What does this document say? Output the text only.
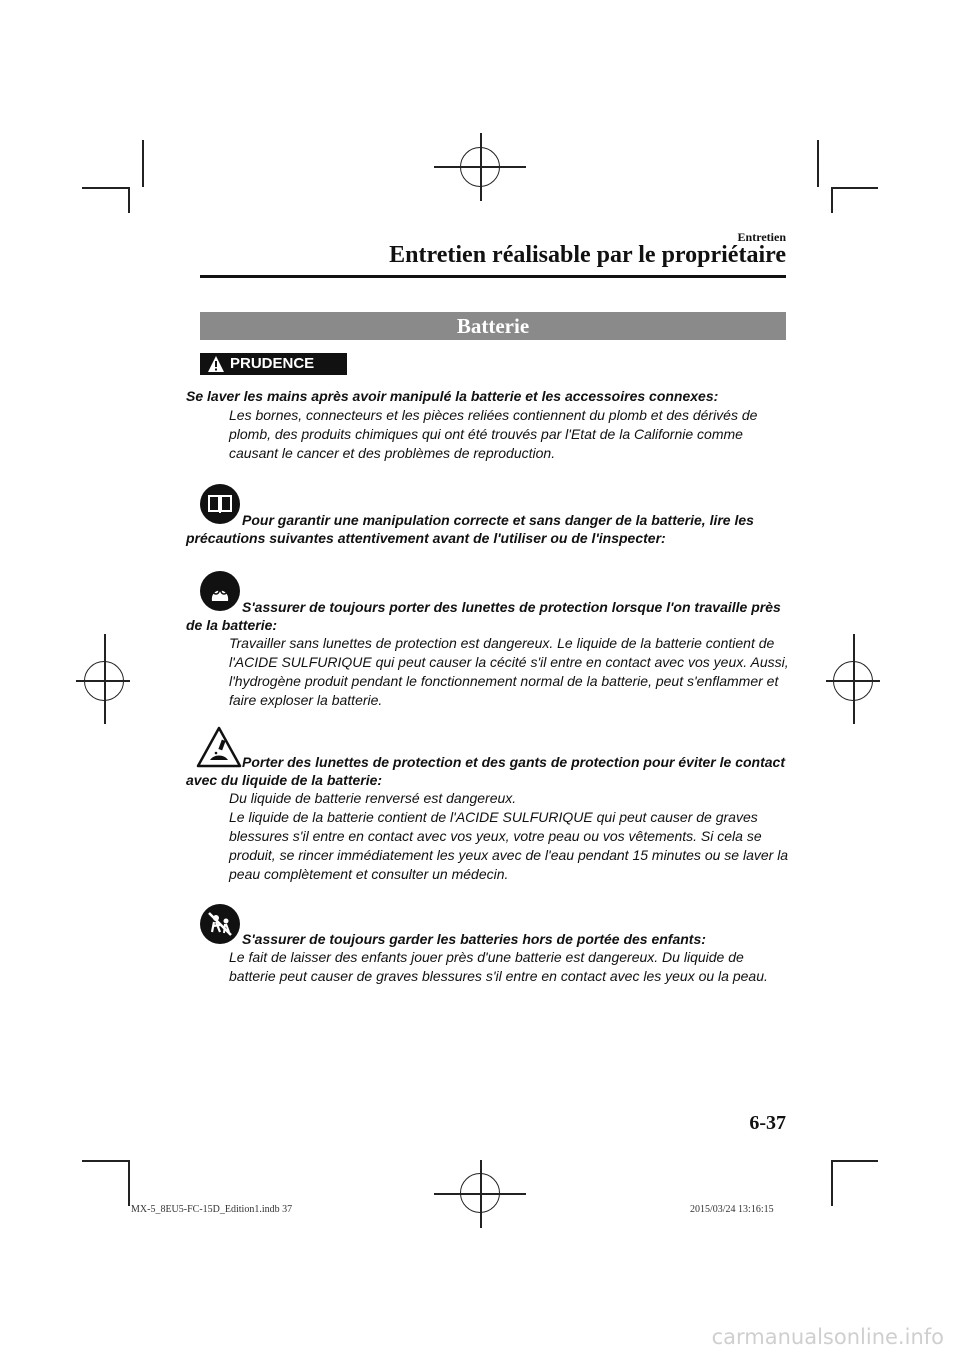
Entretien
Entretien réalisable par le propriétaire
Batterie
PRUDENCE
Se laver les mains après avoir manipulé la batterie et les accessoires connexes:
Les bornes, connecteurs et les pièces reliées contiennent du plomb et des dérivés de plomb, des produits chimiques qui ont été trouvés par l'Etat de la Californie comme causant le cancer et des problèmes de reproduction.
Pour garantir une manipulation correcte et sans danger de la batterie, lire les précautions suivantes attentivement avant de l'utiliser ou de l'inspecter:
S'assurer de toujours porter des lunettes de protection lorsque l'on travaille près de la batterie:
Travailler sans lunettes de protection est dangereux. Le liquide de la batterie contient de l'ACIDE SULFURIQUE qui peut causer la cécité s'il entre en contact avec vos yeux. Aussi, l'hydrogène produit pendant le fonctionnement normal de la batterie, peut s'enflammer et faire exploser la batterie.
Porter des lunettes de protection et des gants de protection pour éviter le contact avec du liquide de la batterie:
Du liquide de batterie renversé est dangereux.
Le liquide de la batterie contient de l'ACIDE SULFURIQUE qui peut causer de graves blessures s'il entre en contact avec vos yeux, votre peau ou vos vêtements. Si cela se produit, se rincer immédiatement les yeux avec de l'eau pendant 15 minutes ou se laver la peau complètement et consulter un médecin.
S'assurer de toujours garder les batteries hors de portée des enfants:
Le fait de laisser des enfants jouer près d'une batterie est dangereux. Du liquide de batterie peut causer de graves blessures s'il entre en contact avec les yeux ou la peau.
6-37
MX-5_8EU5-FC-15D_Edition1.indb 37	2015/03/24 13:16:15
carmanualsonline.info
